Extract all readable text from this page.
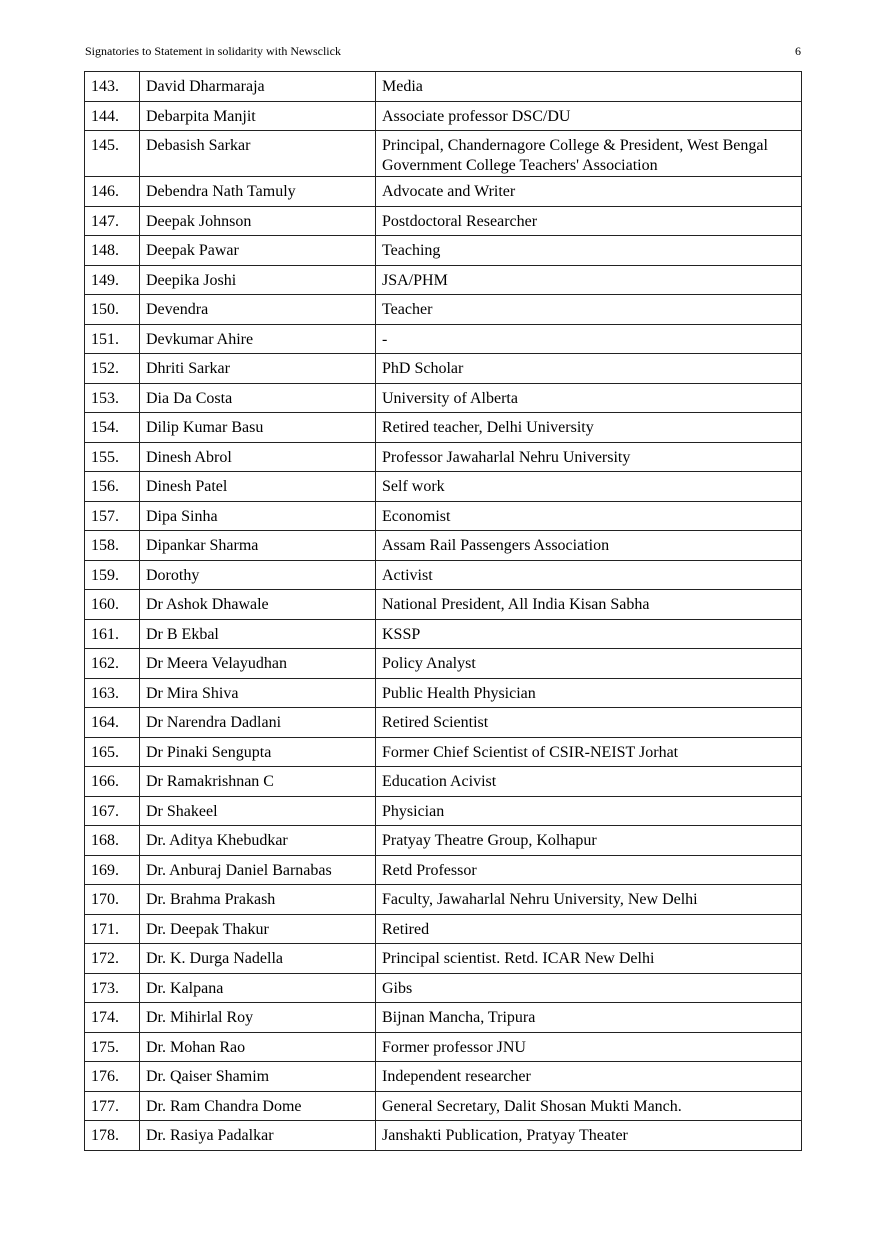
Signatories to Statement in solidarity with Newsclick	6
143.	David Dharmaraja	Media
144.	Debarpita Manjit	Associate professor DSC/DU
145.	Debasish Sarkar	Principal, Chandernagore College & President, West Bengal Government College Teachers' Association
146.	Debendra Nath Tamuly	Advocate and Writer
147.	Deepak Johnson	Postdoctoral Researcher
148.	Deepak Pawar	Teaching
149.	Deepika Joshi	JSA/PHM
150.	Devendra	Teacher
151.	Devkumar Ahire	-
152.	Dhriti Sarkar	PhD Scholar
153.	Dia Da Costa	University of Alberta
154.	Dilip Kumar Basu	Retired teacher, Delhi University
155.	Dinesh Abrol	Professor Jawaharlal Nehru University
156.	Dinesh Patel	Self work
157.	Dipa Sinha	Economist
158.	Dipankar Sharma	Assam Rail Passengers Association
159.	Dorothy	Activist
160.	Dr Ashok Dhawale	National President, All India Kisan Sabha
161.	Dr B Ekbal	KSSP
162.	Dr Meera Velayudhan	Policy Analyst
163.	Dr Mira Shiva	Public Health Physician
164.	Dr Narendra Dadlani	Retired Scientist
165.	Dr Pinaki Sengupta	Former Chief Scientist of CSIR-NEIST Jorhat
166.	Dr Ramakrishnan C	Education Acivist
167.	Dr Shakeel	Physician
168.	Dr. Aditya Khebudkar	Pratyay Theatre Group, Kolhapur
169.	Dr. Anburaj Daniel Barnabas	Retd Professor
170.	Dr. Brahma Prakash	Faculty, Jawaharlal Nehru University, New Delhi
171.	Dr. Deepak Thakur	Retired
172.	Dr. K. Durga Nadella	Principal scientist. Retd. ICAR New Delhi
173.	Dr. Kalpana	Gibs
174.	Dr. Mihirlal Roy	Bijnan Mancha, Tripura
175.	Dr. Mohan Rao	Former professor JNU
176.	Dr. Qaiser Shamim	Independent researcher
177.	Dr. Ram Chandra Dome	General Secretary, Dalit Shosan Mukti Manch.
178.	Dr. Rasiya Padalkar	Janshakti Publication, Pratyay Theater
